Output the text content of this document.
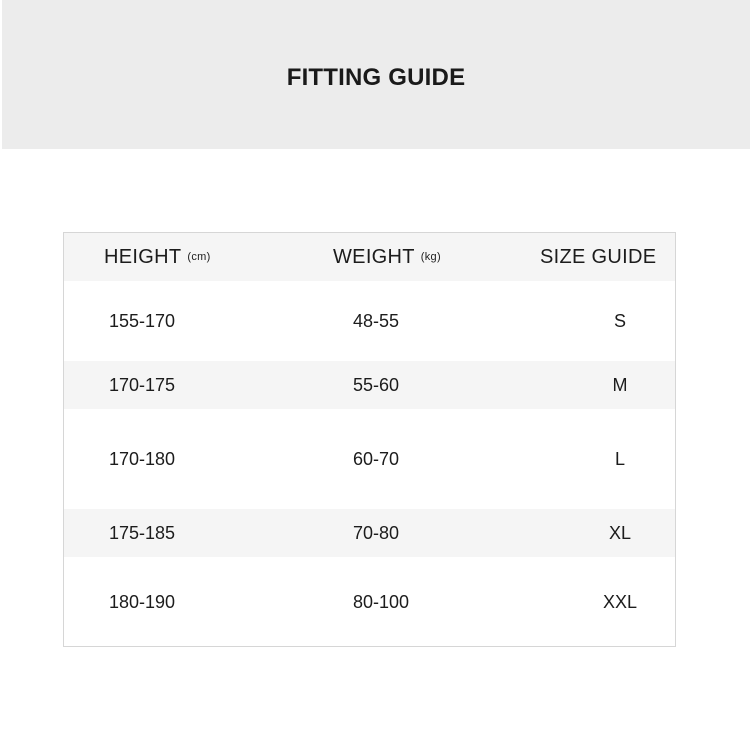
FITTING GUIDE
HEIGHT (cm)	WEIGHT (kg)	SIZE GUIDE
155-170	48-55	S
170-175	55-60	M
170-180	60-70	L
175-185	70-80	XL
180-190	80-100	XXL
